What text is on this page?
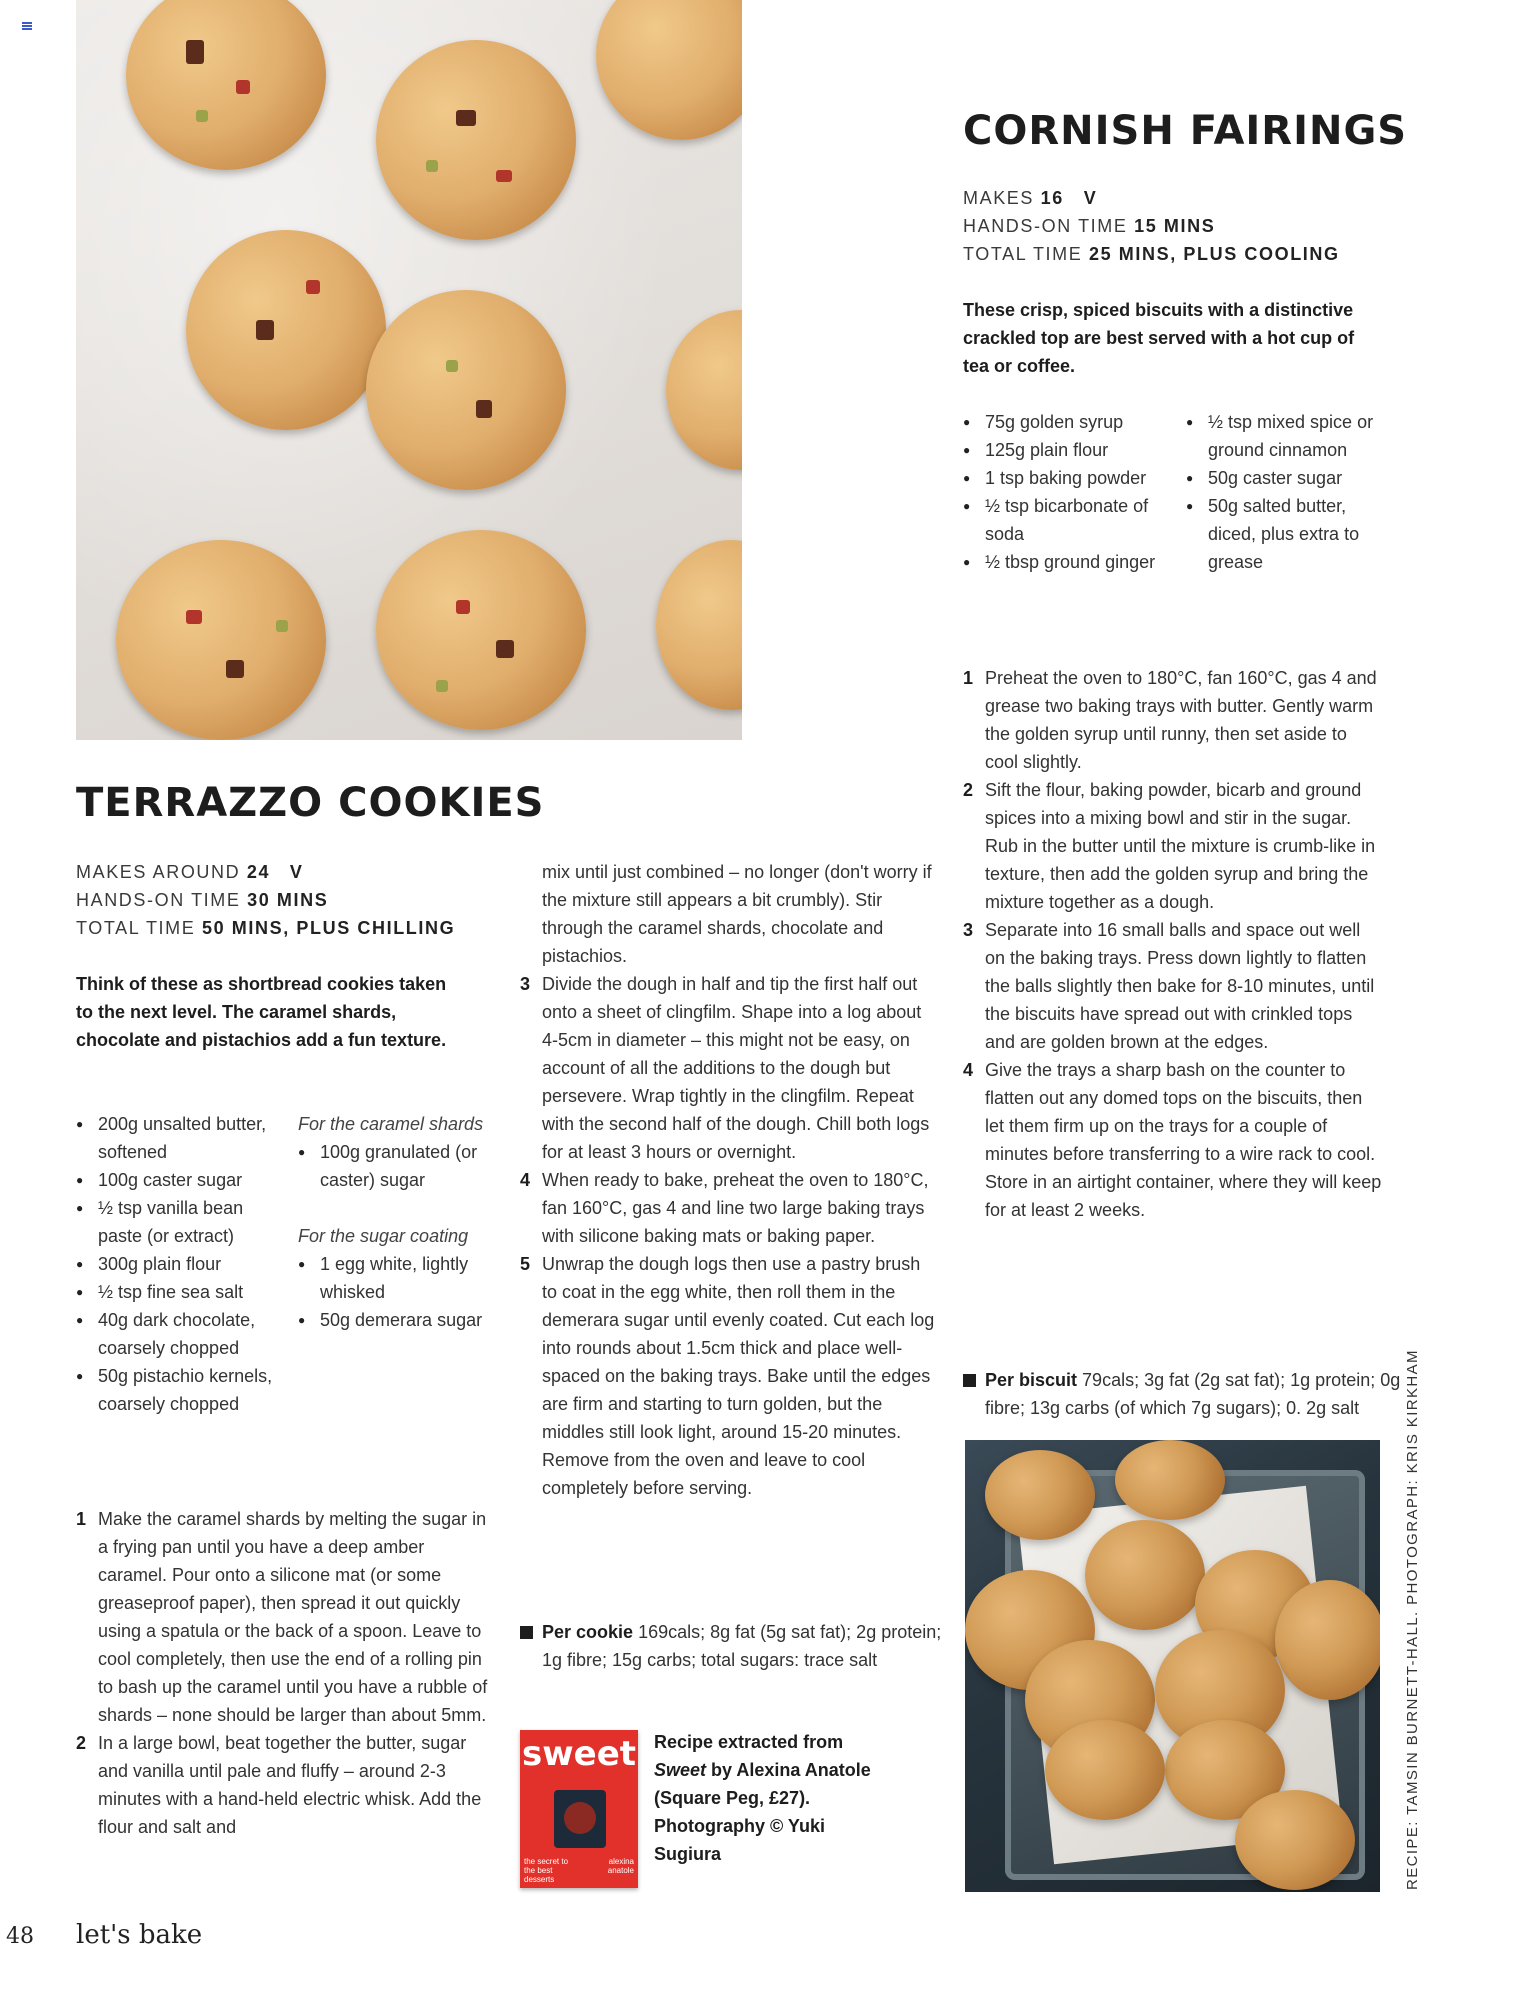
TERRAZZO COOKIES
MAKES AROUND 24 V
HANDS-ON TIME 30 MINS
TOTAL TIME 50 MINS, PLUS CHILLING
Think of these as shortbread cookies taken to the next level. The caramel shards, chocolate and pistachios add a fun texture.
● 200g unsalted butter, softened
● 100g caster sugar
● ½ tsp vanilla bean paste (or extract)
● 300g plain flour
● ½ tsp fine sea salt
● 40g dark chocolate, coarsely chopped
● 50g pistachio kernels, coarsely chopped
For the caramel shards
● 100g granulated (or caster) sugar
For the sugar coating
● 1 egg white, lightly whisked
● 50g demerara sugar
1 Make the caramel shards by melting the sugar in a frying pan until you have a deep amber caramel. Pour onto a silicone mat (or some greaseproof paper), then spread it out quickly using a spatula or the back of a spoon. Leave to cool completely, then use the end of a rolling pin to bash up the caramel until you have a rubble of shards – none should be larger than about 5mm.
2 In a large bowl, beat together the butter, sugar and vanilla until pale and fluffy – around 2-3 minutes with a hand-held electric whisk. Add the flour and salt and
mix until just combined – no longer (don't worry if the mixture still appears a bit crumbly). Stir through the caramel shards, chocolate and pistachios.
3 Divide the dough in half and tip the first half out onto a sheet of clingfilm. Shape into a log about 4-5cm in diameter – this might not be easy, on account of all the additions to the dough but persevere. Wrap tightly in the clingfilm. Repeat with the second half of the dough. Chill both logs for at least 3 hours or overnight.
4 When ready to bake, preheat the oven to 180°C, fan 160°C, gas 4 and line two large baking trays with silicone baking mats or baking paper.
5 Unwrap the dough logs then use a pastry brush to coat in the egg white, then roll them in the demerara sugar until evenly coated. Cut each log into rounds about 1.5cm thick and place well-spaced on the baking trays. Bake until the edges are firm and starting to turn golden, but the middles still look light, around 15-20 minutes. Remove from the oven and leave to cool completely before serving.
Per cookie 169cals; 8g fat (5g sat fat); 2g protein; 1g fibre; 15g carbs; total sugars: trace salt
sweet
the secret to the best desserts
alexina anatole
Recipe extracted from Sweet by Alexina Anatole (Square Peg, £27). Photography © Yuki Sugiura
CORNISH FAIRINGS
MAKES 16 V
HANDS-ON TIME 15 MINS
TOTAL TIME 25 MINS, PLUS COOLING
These crisp, spiced biscuits with a distinctive crackled top are best served with a hot cup of tea or coffee.
● 75g golden syrup
● 125g plain flour
● 1 tsp baking powder
● ½ tsp bicarbonate of soda
● ½ tbsp ground ginger
● ½ tsp mixed spice or ground cinnamon
● 50g caster sugar
● 50g salted butter, diced, plus extra to grease
1 Preheat the oven to 180°C, fan 160°C, gas 4 and grease two baking trays with butter. Gently warm the golden syrup until runny, then set aside to cool slightly.
2 Sift the flour, baking powder, bicarb and ground spices into a mixing bowl and stir in the sugar. Rub in the butter until the mixture is crumb-like in texture, then add the golden syrup and bring the mixture together as a dough.
3 Separate into 16 small balls and space out well on the baking trays. Press down lightly to flatten the balls slightly then bake for 8-10 minutes, until the biscuits have spread out with crinkled tops and are golden brown at the edges.
4 Give the trays a sharp bash on the counter to flatten out any domed tops on the biscuits, then let them firm up on the trays for a couple of minutes before transferring to a wire rack to cool. Store in an airtight container, where they will keep for at least 2 weeks.
Per biscuit 79cals; 3g fat (2g sat fat); 1g protein; 0g fibre; 13g carbs (of which 7g sugars); 0. 2g salt	RECIPE: TAMSIN BURNETT-HALL. PHOTOGRAPH: KRIS KIRKHAM
48 let's bake
